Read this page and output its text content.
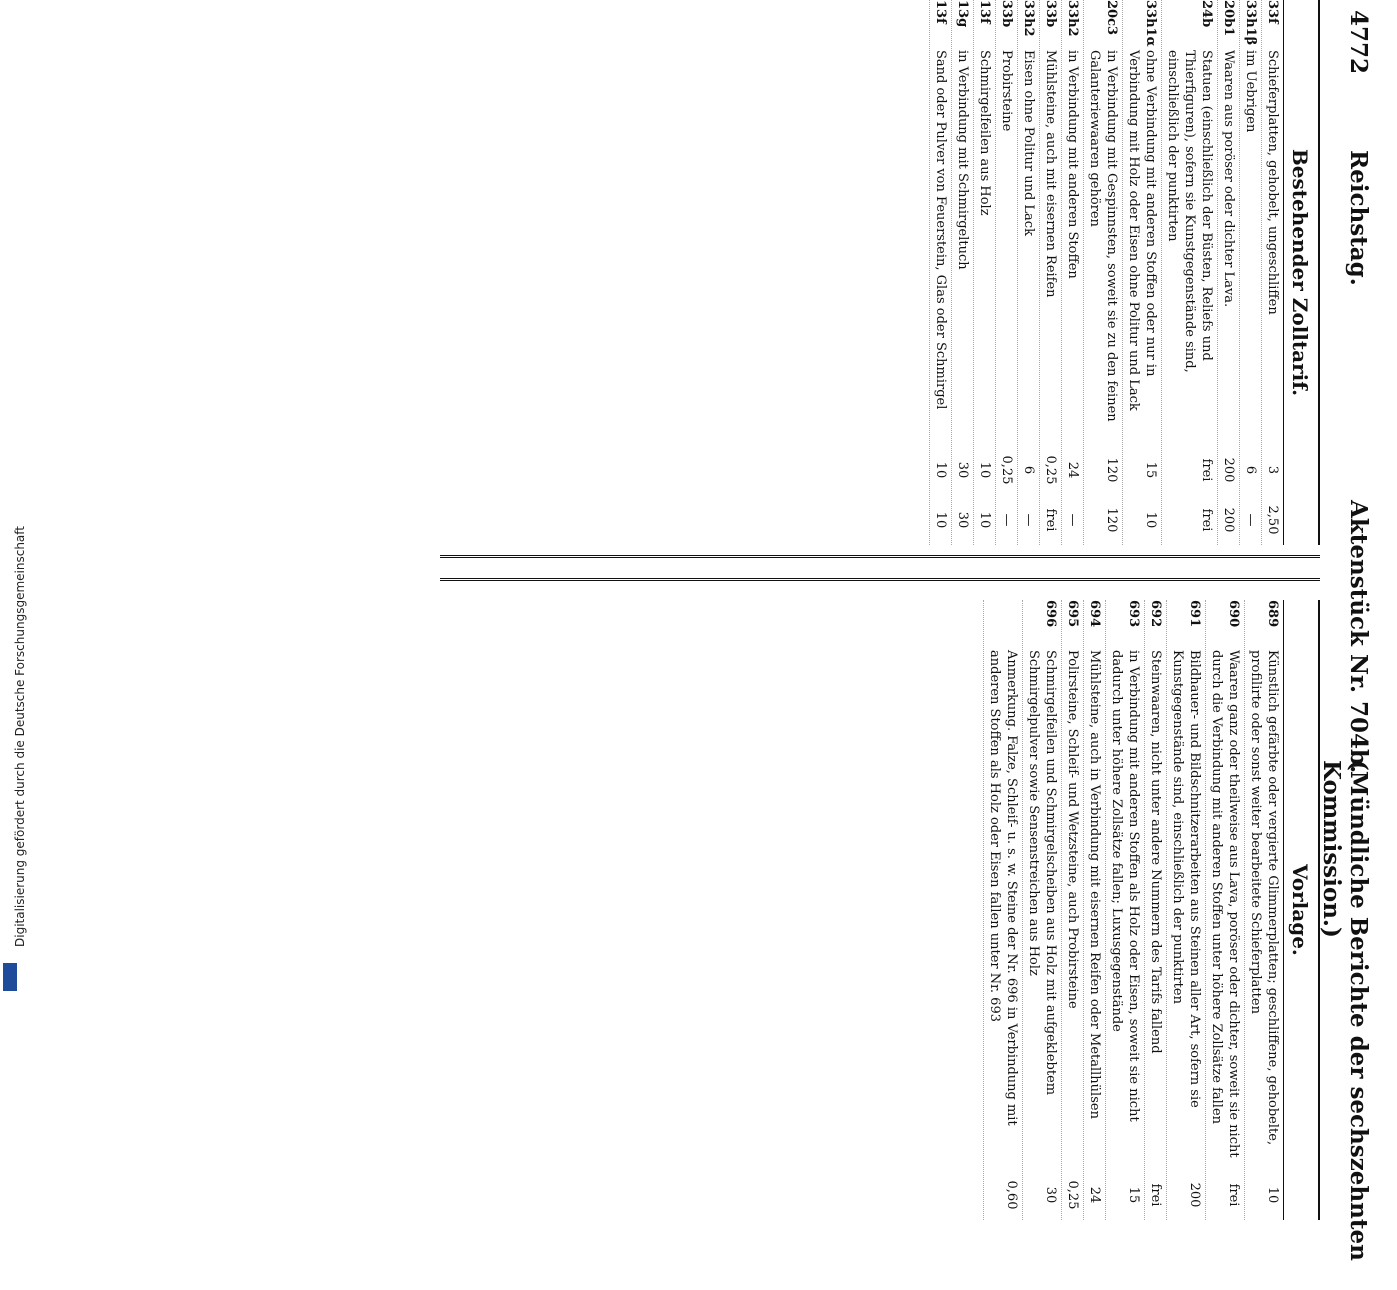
Digitalisierung gefördert durch die Deutsche Forschungsgemeinschaft
4772
Reichstag.
Aktenstück Nr. 704b.
(Mündliche Berichte der sechszehnten Kommission.)
Bestehender Zolltarif.
33f
Schieferplatten, gehobelt, ungeschliffen
3
2,50
33h1β
im Uebrigen
6
—
20b1
Waaren aus poröser oder dichter Lava.
200
200
24b
Statuen (einschließlich der Büsten, Reliefs und Thierfiguren), sofern sie Kunstgegenstände sind, einschließlich der punktirten
frei
frei
33h1α
ohne Verbindung mit anderen Stoffen oder nur in Verbindung mit Holz oder Eisen ohne Politur und Lack
15
10
20c3
in Verbindung mit Gespinnsten, soweit sie zu den feinen Galanteriewaaren gehören
120
120
33h2
in Verbindung mit anderen Stoffen
24
—
33b
Mühlsteine, auch mit eisernen Reifen
0,25
frei
33h2
Eisen ohne Politur und Lack
6
—
33b
Probirsteine
0,25
—
13f
Schmirgelfeilen aus Holz
10
10
13g
in Verbindung mit Schmirgeltuch
30
30
13f
Sand oder Pulver von Feuerstein, Glas oder Schmirgel
10
10
Vorlage.
689
Künstlich gefärbte oder vergierte Glimmerplatten; geschliffene, gehobelte, profilirte oder sonst weiter bearbeitete Schieferplatten
10
690
Waaren ganz oder theilweise aus Lava, poröser oder dichter, soweit sie nicht durch die Verbindung mit anderen Stoffen unter höhere Zollsätze fallen
frei
691
Bildhauer- und Bildschnitzerarbeiten aus Steinen aller Art, sofern sie Kunstgegenstände sind, einschließlich der punktirten
200
692
Steinwaaren, nicht unter andere Nummern des Tarifs fallend
frei
693
in Verbindung mit anderen Stoffen als Holz oder Eisen, soweit sie nicht dadurch unter höhere Zollsätze fallen; Luxusgegenstände
15
694
Mühlsteine, auch in Verbindung mit eisernen Reifen oder Metallhülsen
24
695
Polirsteine, Schleif- und Wetzsteine, auch Probirsteine
0,25
696
Schmirgelfeilen und Schmirgelscheiben aus Holz mit aufgeklebtem Schmirgelpulver sowie Sensenstreichen aus Holz
30
Anmerkung. Falze, Schleif- u. s. w. Steine der Nr. 696 in Verbindung mit anderen Stoffen als Holz oder Eisen fallen unter Nr. 693
0,60
